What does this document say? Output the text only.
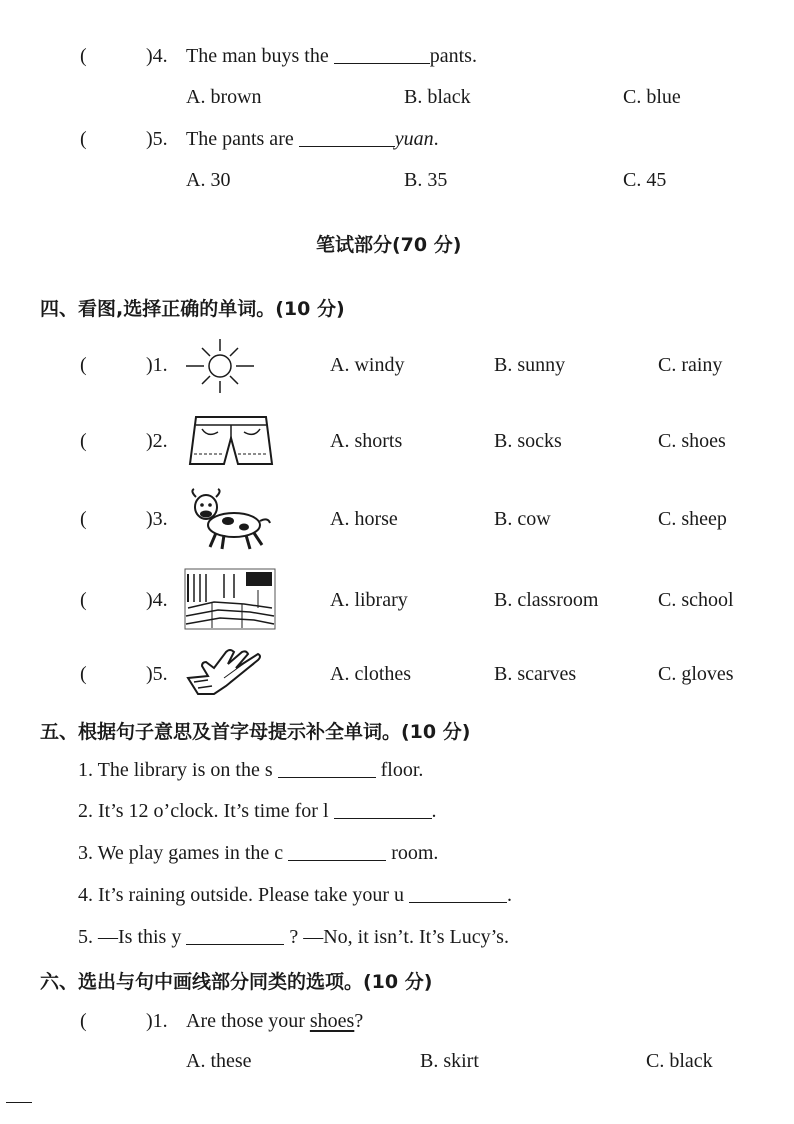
(	)4. The man buys the	pants.
A. brown	B. black	C. blue
(	)5. The pants are	yuan.
A. 30	B. 35	C. 45
笔试部分(70 分)
四、看图,选择正确的单词。(10 分)
(	)1.	A. windy	B. sunny	C. rainy
(	)2.	A. shorts	B. socks	C. shoes
(	)3.	A. horse	B. cow	C. sheep
(	)4.	A. library	B. classroom	C. school
(	)5.	A. clothes	B. scarves	C. gloves
五、根据句子意思及首字母提示补全单词。(10 分)
1. The library is on the s	floor.
2. It’s 12 o’clock. It’s time for l	.
3. We play games in the c	room.
4. It’s raining outside. Please take your u	.
5. —Is this y	? —No, it isn’t. It’s Lucy’s.
六、选出与句中画线部分同类的选项。(10 分)
(	)1. Are those your shoes?
A. these	B. skirt	C. black
